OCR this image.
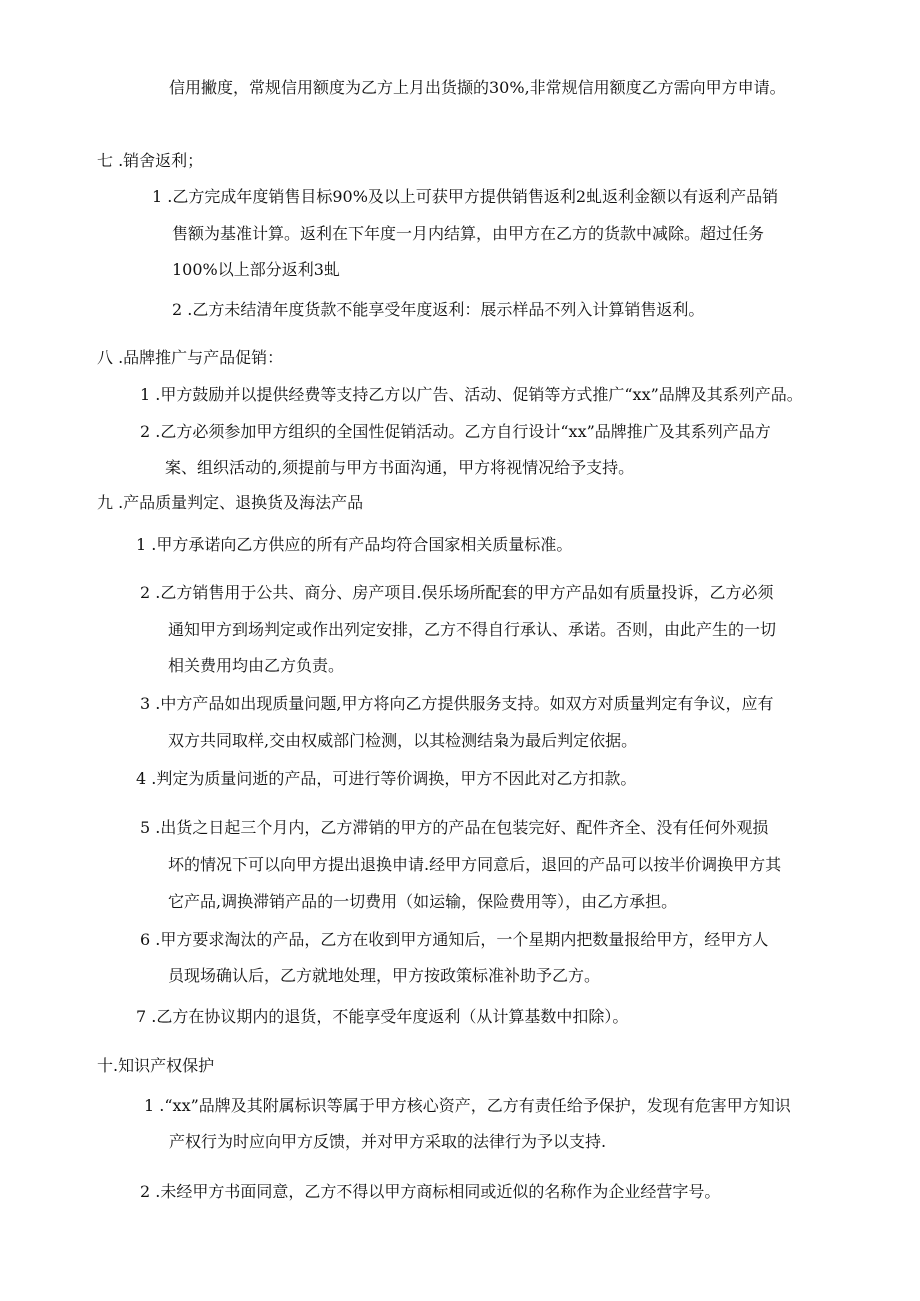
信用撇度，常规信用额度为乙方上月出货撷的30%,非常规信用额度乙方需向甲方申请。
七 .销舍返利；
1 .乙方完成年度销售目标90%及以上可获甲方提供销售返利2虬返利金额以有返利产品销
售额为基准计算。返利在下年度一月内结算，由甲方在乙方的货款中减除。超过任务
100%以上部分返利3虬
2 .乙方未结清年度货款不能享受年度返利：展示样品不列入计算销售返利。
八 .品牌推广与产品促销：
1 .甲方鼓励并以提供经费等支持乙方以广告、活动、促销等方式推广“xx”品牌及其系列产品。
2 .乙方必须参加甲方组织的全国性促销活动。乙方自行设计“xx”品牌推广及其系列产品方
案、组织活动的,须提前与甲方书面沟通，甲方将视情况给予支持。
九 .产品质量判定、退换货及海法产品
1 .甲方承诺向乙方供应的所有产品均符合国家相关质量标准。
2 .乙方销售用于公共、商分、房产项目.俣乐场所配套的甲方产品如有质量投诉，乙方必须
通知甲方到场判定或作出列定安排，乙方不得自行承认、承诺。否则，由此产生的一切
相关费用均由乙方负责。
3 .中方产品如出现质量问题,甲方将向乙方提供服务支持。如双方对质量判定有争议，应有
双方共同取样,交由权威部门检测，以其检测结枭为最后判定依据。
4 .判定为质量问逝的产品，可进行等价调换，甲方不因此对乙方扣款。
5 .出货之日起三个月内，乙方滞销的甲方的产品在包装完好、配件齐全、没有任何外观损
坏的情况下可以向甲方提出退换申请.经甲方同意后，退回的产品可以按半价调换甲方其
它产品,调换滞销产品的一切费用（如运输，保险费用等），由乙方承担。
6 .甲方要求淘汰的产品，乙方在收到甲方通知后，一个星期内把数量报给甲方，经甲方人
员现场确认后，乙方就地处理，甲方按政策标准补助予乙方。
7 .乙方在协议期内的退货，不能享受年度返利（从计算基数中扣除）。
十.知识产权保护
1 .“xx”品牌及其附属标识等属于甲方核心资产，乙方有责任给予保护，发现有危害甲方知识
产权行为时应向甲方反馈，并对甲方采取的法律行为予以支持.
2 .未经甲方书面同意，乙方不得以甲方商标相同或近似的名称作为企业经营字号。
